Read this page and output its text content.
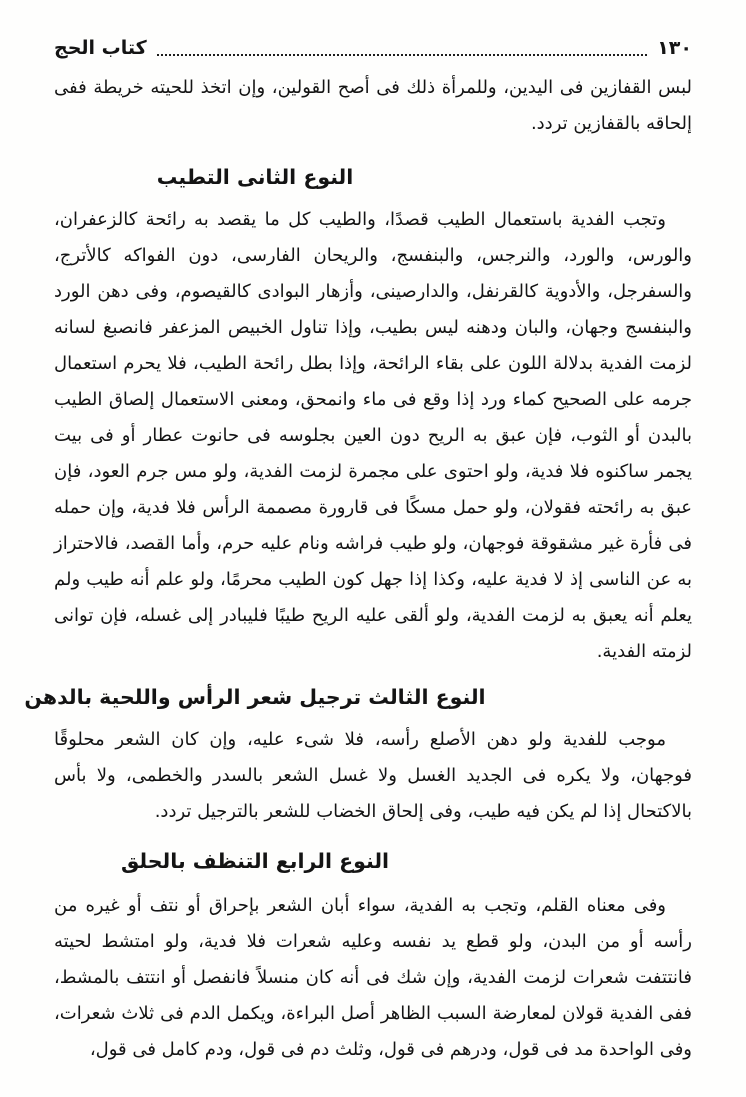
١٣٠
كتاب الحج

لبس القفازين فى اليدين، وللمرأة ذلك فى أصح القولين، وإن اتخذ للحيته خريطة ففى إلحاقه بالقفازين تردد.

النوع الثانى التطيب

وتجب الفدية باستعمال الطيب قصدًا، والطيب كل ما يقصد به رائحة كالزعفران، والورس، والورد، والنرجس، والبنفسج، والريحان الفارسى، دون الفواكه كالأترج، والسفرجل، والأدوية كالقرنفل، والدارصينى، وأزهار البوادى كالقيصوم، وفى دهن الورد والبنفسج وجهان، والبان ودهنه ليس بطيب، وإذا تناول الخبيص المزعفر فانصبغ لسانه لزمت الفدية بدلالة اللون على بقاء الرائحة، وإذا بطل رائحة الطيب، فلا يحرم استعمال جرمه على الصحيح كماء ورد إذا وقع فى ماء وانمحق، ومعنى الاستعمال إلصاق الطيب بالبدن أو الثوب، فإن عبق به الريح دون العين بجلوسه فى حانوت عطار أو فى بيت يجمر ساكنوه فلا فدية، ولو احتوى على مجمرة لزمت الفدية، ولو مس جرم العود، فإن عبق به رائحته فقولان، ولو حمل مسكًا فى قارورة مصممة الرأس فلا فدية، وإن حمله فى فأرة غير مشقوقة فوجهان، ولو طيب فراشه ونام عليه حرم، وأما القصد، فالاحتراز به عن الناسى إذ لا فدية عليه، وكذا إذا جهل كون الطيب محرمًا، ولو علم أنه طيب ولم يعلم أنه يعبق به لزمت الفدية، ولو ألقى عليه الريح طيبًا فليبادر إلى غسله، فإن توانى لزمته الفدية.

النوع الثالث ترجيل شعر الرأس واللحية بالدهن

موجب للفدية ولو دهن الأصلع رأسه، فلا شىء عليه، وإن كان الشعر محلوقًا فوجهان، ولا يكره فى الجديد الغسل ولا غسل الشعر بالسدر والخطمى، ولا بأس بالاكتحال إذا لم يكن فيه طيب، وفى إلحاق الخضاب للشعر بالترجيل تردد.

النوع الرابع التنظف بالحلق

وفى معناه القلم، وتجب به الفدية، سواء أبان الشعر بإحراق أو نتف أو غيره من رأسه أو من البدن، ولو قطع يد نفسه وعليه شعرات فلا فدية، ولو امتشط لحيته فانتتفت شعرات لزمت الفدية، وإن شك فى أنه كان منسلاً فانفصل أو انتتف بالمشط، ففى الفدية قولان لمعارضة السبب الظاهر أصل البراءة، ويكمل الدم فى ثلاث شعرات، وفى الواحدة مد فى قول، ودرهم فى قول، وثلث دم فى قول، ودم كامل فى قول،
